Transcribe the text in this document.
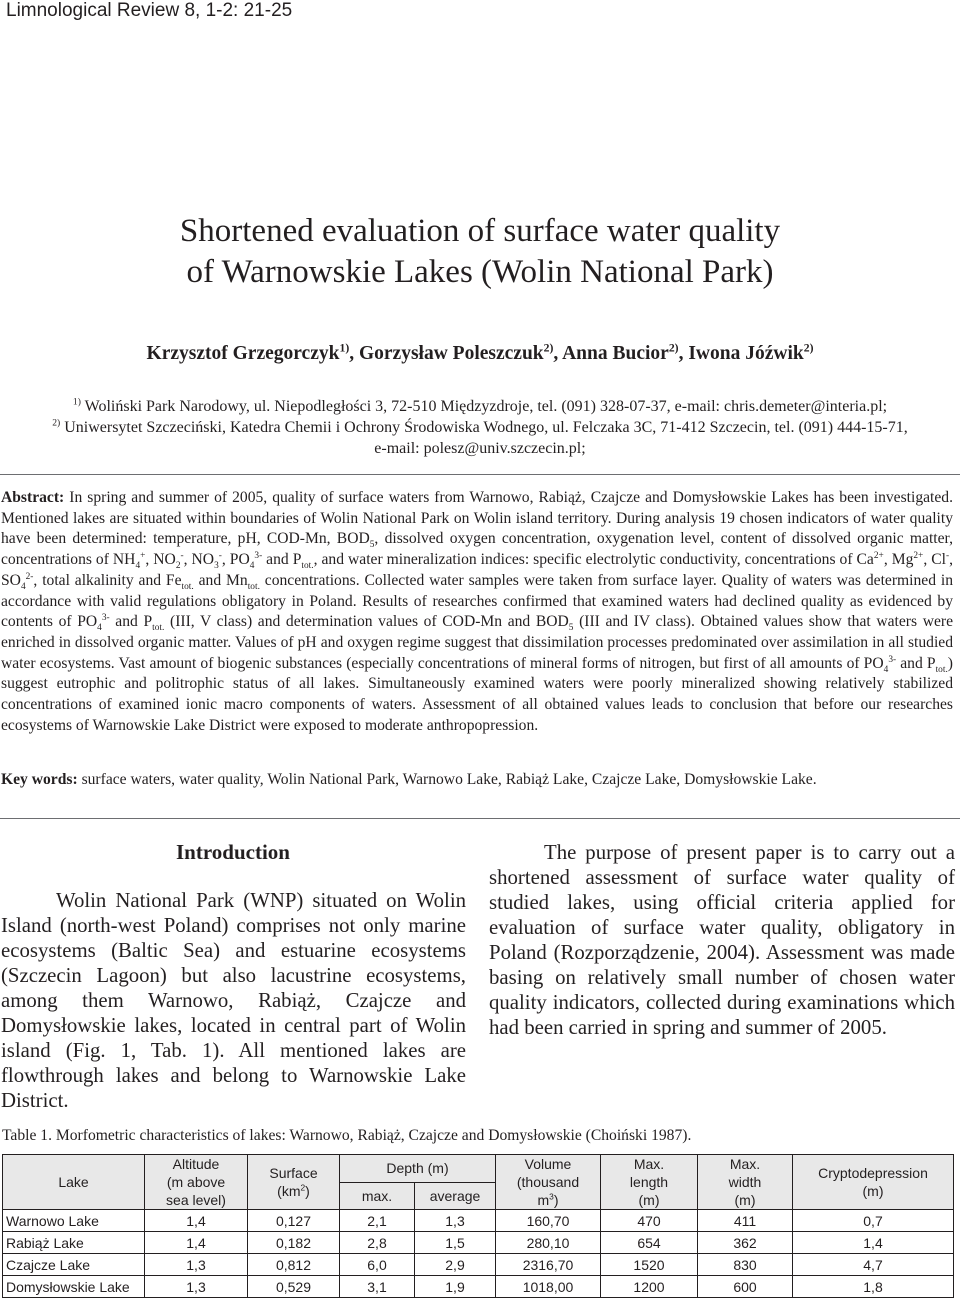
Limnological Review 8, 1-2: 21-25
Shortened evaluation of surface water quality
of Warnowskie Lakes (Wolin National Park)
Krzysztof Grzegorczyk$^{1)}$, Gorzysław Poleszczuk$^{2)}$, Anna Bucior$^{2)}$, Iwona Jóźwik$^{2)}$

$^{1)}$ Woliński Park Narodowy, ul. Niepodległości 3, 72-510 Międzyzdroje, tel. (091) 328-07-37, e-mail: chris.demeter@interia.pl;

$^{2)}$ Uniwersytet Szczeciński, Katedra Chemii i Ochrony Środowiska Wodnego, ul. Felczaka 3C, 71-412 Szczecin, tel. (091) 444-15-71,

e-mail: polesz@univ.szczecin.pl;

Abstract: In spring and summer of 2005, quality of surface waters from Warnowo, Rabiąż, Czajcze and Domysłowskie Lakes has been investigated. Mentioned lakes are situated within boundaries of Wolin National Park on Wolin island territory. During analysis 19 chosen indicators of water quality have been determined: temperature, pH, COD-Mn, $BOD_5$, dissolved oxygen concentration, oxygenation level, content of dissolved organic matter, concentrations of $NH_4^+$, $NO_2^-$, $NO_3^-$, $PO_4^{3-}$ and $P_{tot.}$, and water mineralization indices: specific electrolytic conductivity, concentrations of $Ca^{2+}$, $Mg^{2+}$, Cl-, $SO_4^{2-}$, total alkalinity and $Fe_{tot.}$ and $Mn_{tot.}$ concentrations. Collected water samples were taken from surface layer. Quality of waters was determined in accordance with valid regulations obligatory in Poland. Results of researches confirmed that examined waters had declined quality as evidenced by contents of $PO_4^{3-}$ and $P_{tot.}$ (III, V class) and determination values of COD-Mn and $BOD_5$ (III and IV class). Obtained values show that waters were enriched in dissolved organic matter. Values of pH and oxygen regime suggest that dissimilation processes predominated over assimilation in all studied water ecosystems. Vast amount of biogenic substances (especially concentrations of mineral forms of nitrogen, but first of all amounts of $PO_4^{3-}$ and $P_{tot.}$) suggest eutrophic and politrophic status of all lakes. Simultaneously examined waters were poorly mineralized showing relatively stabilized concentrations of examined ionic macro components of waters. Assessment of all obtained values leads to conclusion that before our researches ecosystems of Warnowskie Lake District were exposed to moderate anthropopression.

Key words: surface waters, water quality, Wolin National Park, Warnowo Lake, Rabiąż Lake, Czajcze Lake, Domysłowskie Lake.
Introduction

Wolin National Park (WNP) situated on Wolin Island (north-west Poland) comprises not only marine ecosystems (Baltic Sea) and estuarine ecosystems (Szczecin Lagoon) but also lacustrine ecosystems, among them Warnowo, Rabiąż, Czajcze and Domysłowskie lakes, located in central part of Wolin island (Fig. 1, Tab. 1). All mentioned lakes are flowthrough lakes and belong to Warnowskie Lake District.

The purpose of present paper is to carry out a shortened assessment of surface water quality of studied lakes, using official criteria applied for evaluation of surface water quality, obligatory in Poland (Rozporządzenie, 2004). Assessment was made basing on relatively small number of chosen water quality indicators, collected during examinations which had been carried in spring and summer of 2005.

Table 1. Morfometric characteristics of lakes: Warnowo, Rabiąż, Czajcze and Domysłowskie (Choiński 1987).
Lake	Altitude
(m above
sea level)	Surface
$(km^2)$	Depth (m)		Volume
(thousand
$m^3$)	Max.
length
(m)	Max.
width
(m)	Cryptodepression
(m)
			max.	average				
Warnowo Lake	1,4	0,127	2,1	1,3	160,70	470	411	0,7
Rabiąż Lake	1,4	0,182	2,8	1,5	280,10	654	362	1,4
Czajcze Lake	1,3	0,812	6,0	2,9	2316,70	1520	830	4,7
Domysłowskie Lake	1,3	0,529	3,1	1,9	1018,00	1200	600	1,8
